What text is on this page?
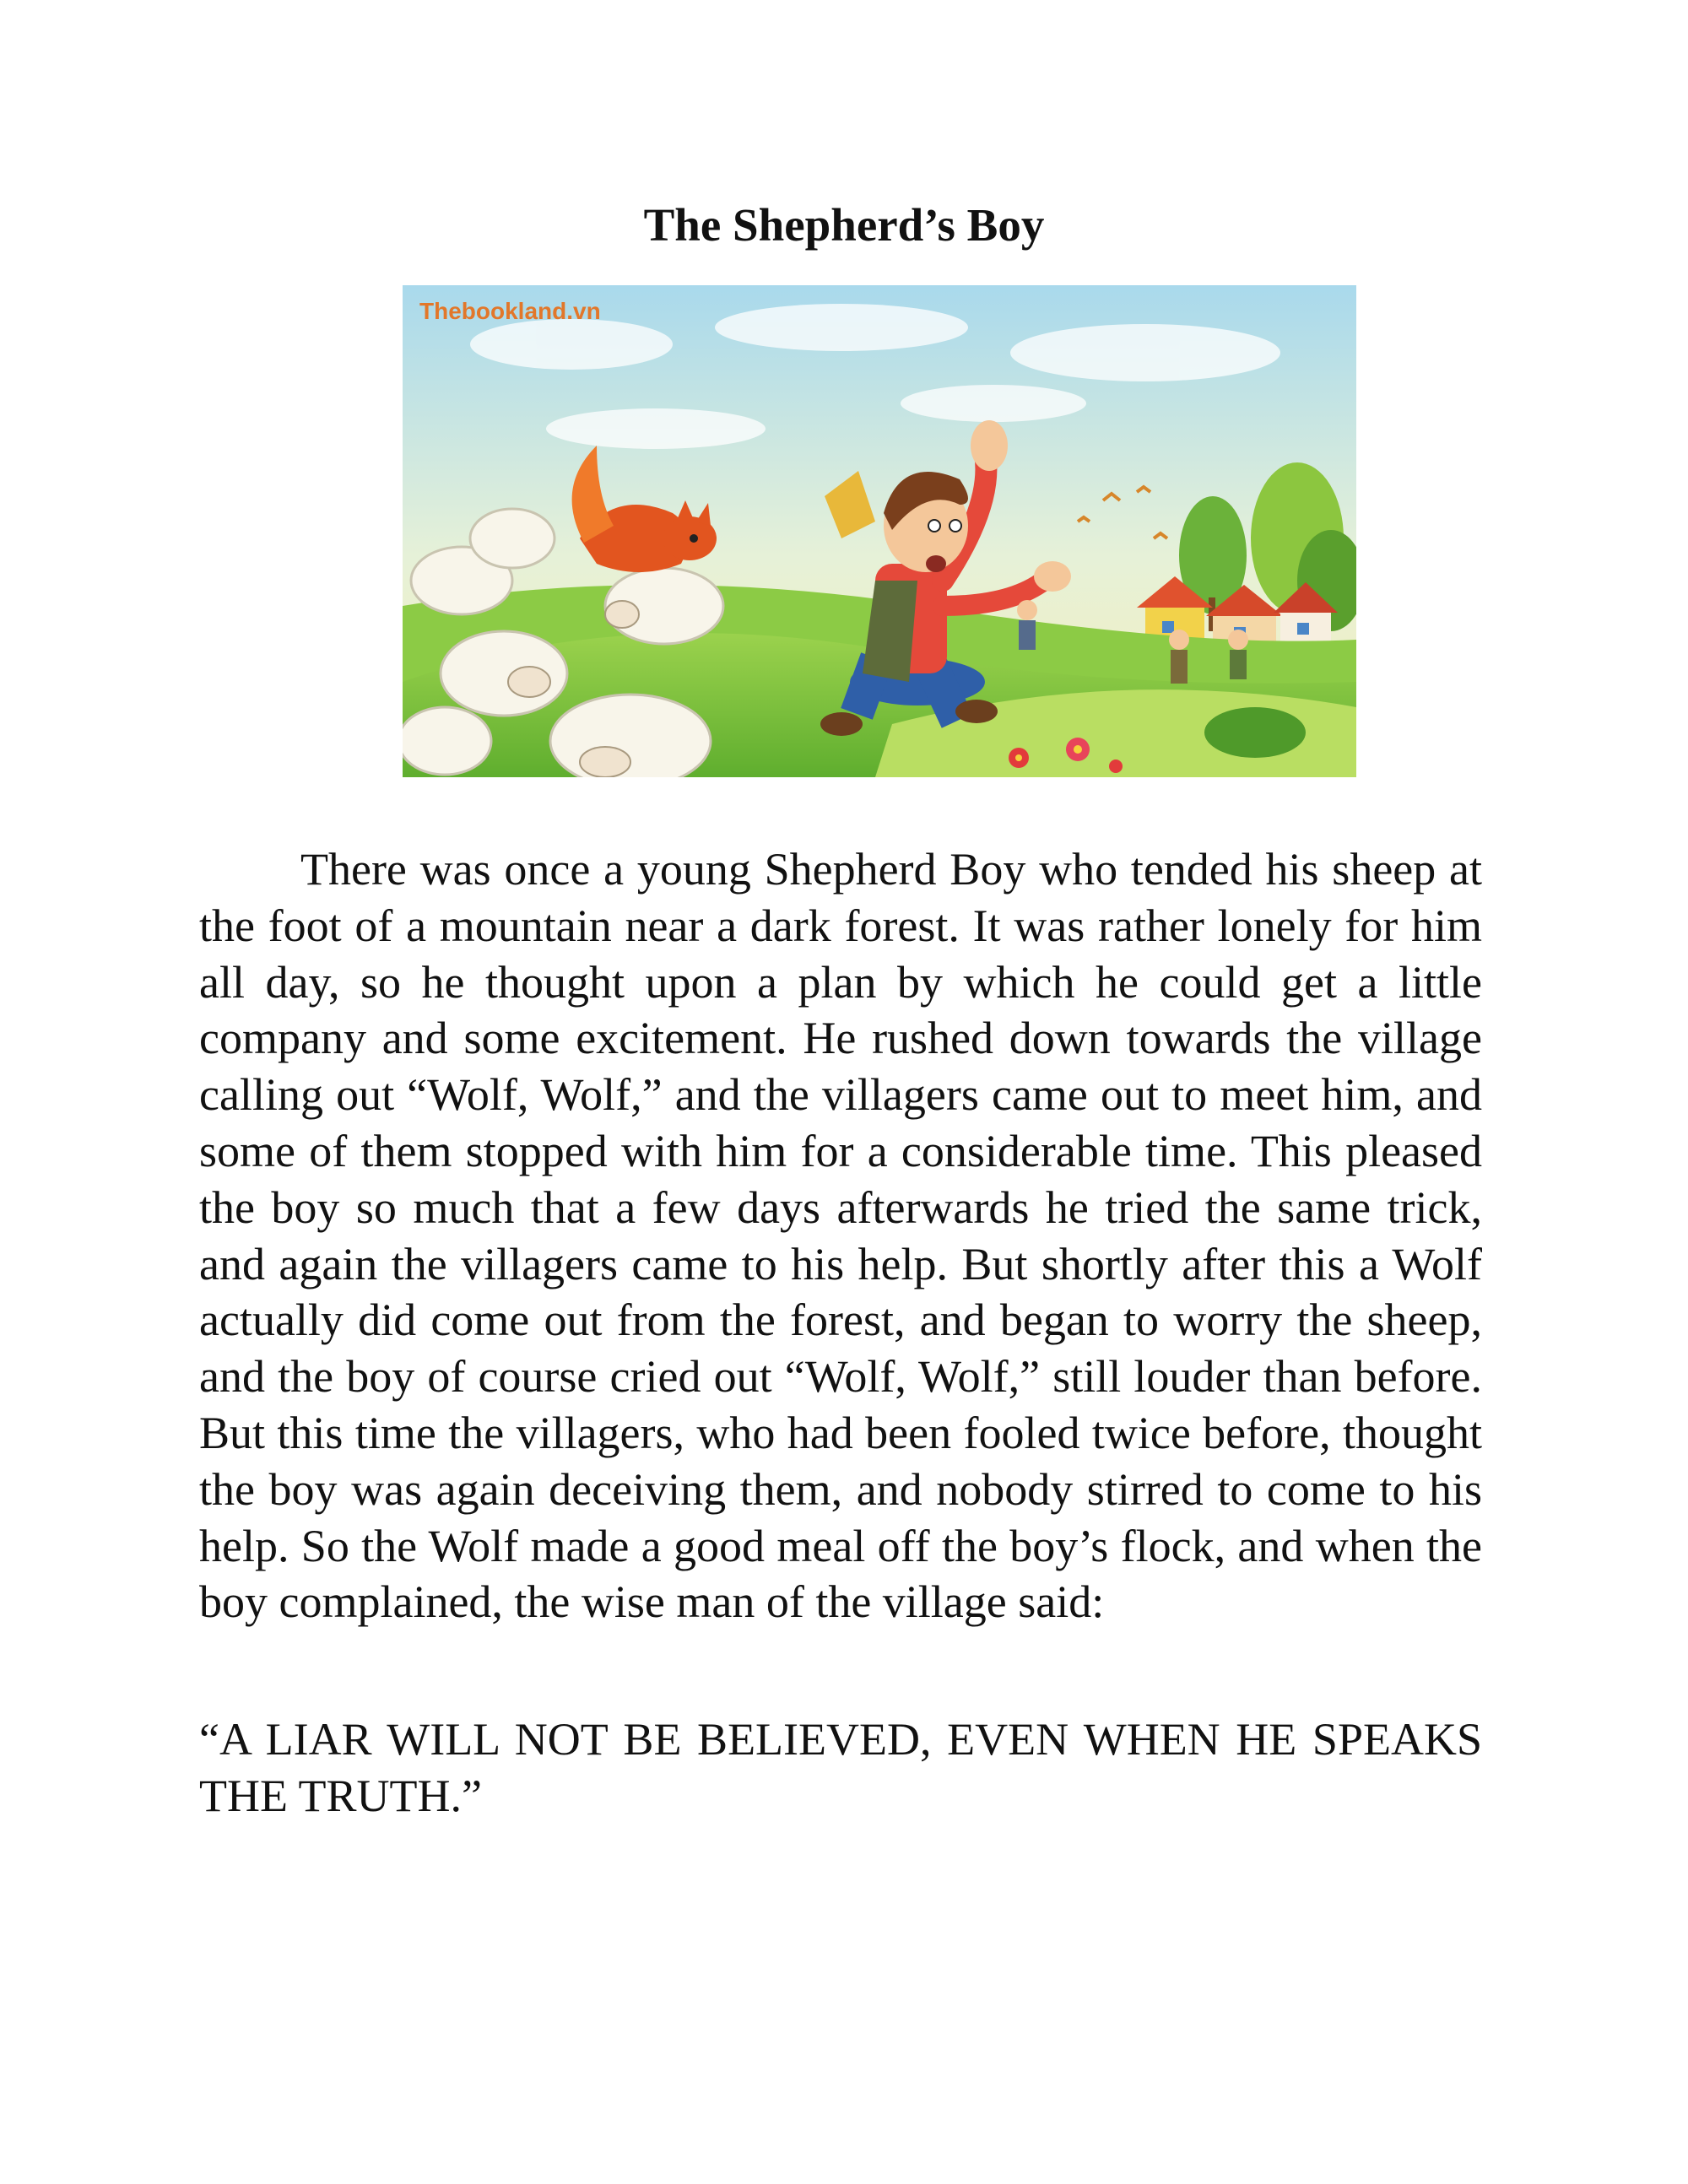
The Shepherd’s Boy
Thebookland.vn

There was once a young Shepherd Boy who tended his sheep at the foot of a mountain near a dark forest. It was rather lonely for him all day, so he thought upon a plan by which he could get a little company and some excitement. He rushed down towards the village calling out “Wolf, Wolf,” and the villagers came out to meet him, and some of them stopped with him for a considerable time. This pleased the boy so much that a few days afterwards he tried the same trick, and again the villagers came to his help. But shortly after this a Wolf actually did come out from the forest, and began to worry the sheep, and the boy of course cried out “Wolf, Wolf,” still louder than before. But this time the villagers, who had been fooled twice before, thought the boy was again deceiving them, and nobody stirred to come to his help. So the Wolf made a good meal off the boy’s flock, and when the boy complained, the wise man of the village said:

“A LIAR WILL NOT BE BELIEVED, EVEN WHEN HE SPEAKS THE TRUTH.”
